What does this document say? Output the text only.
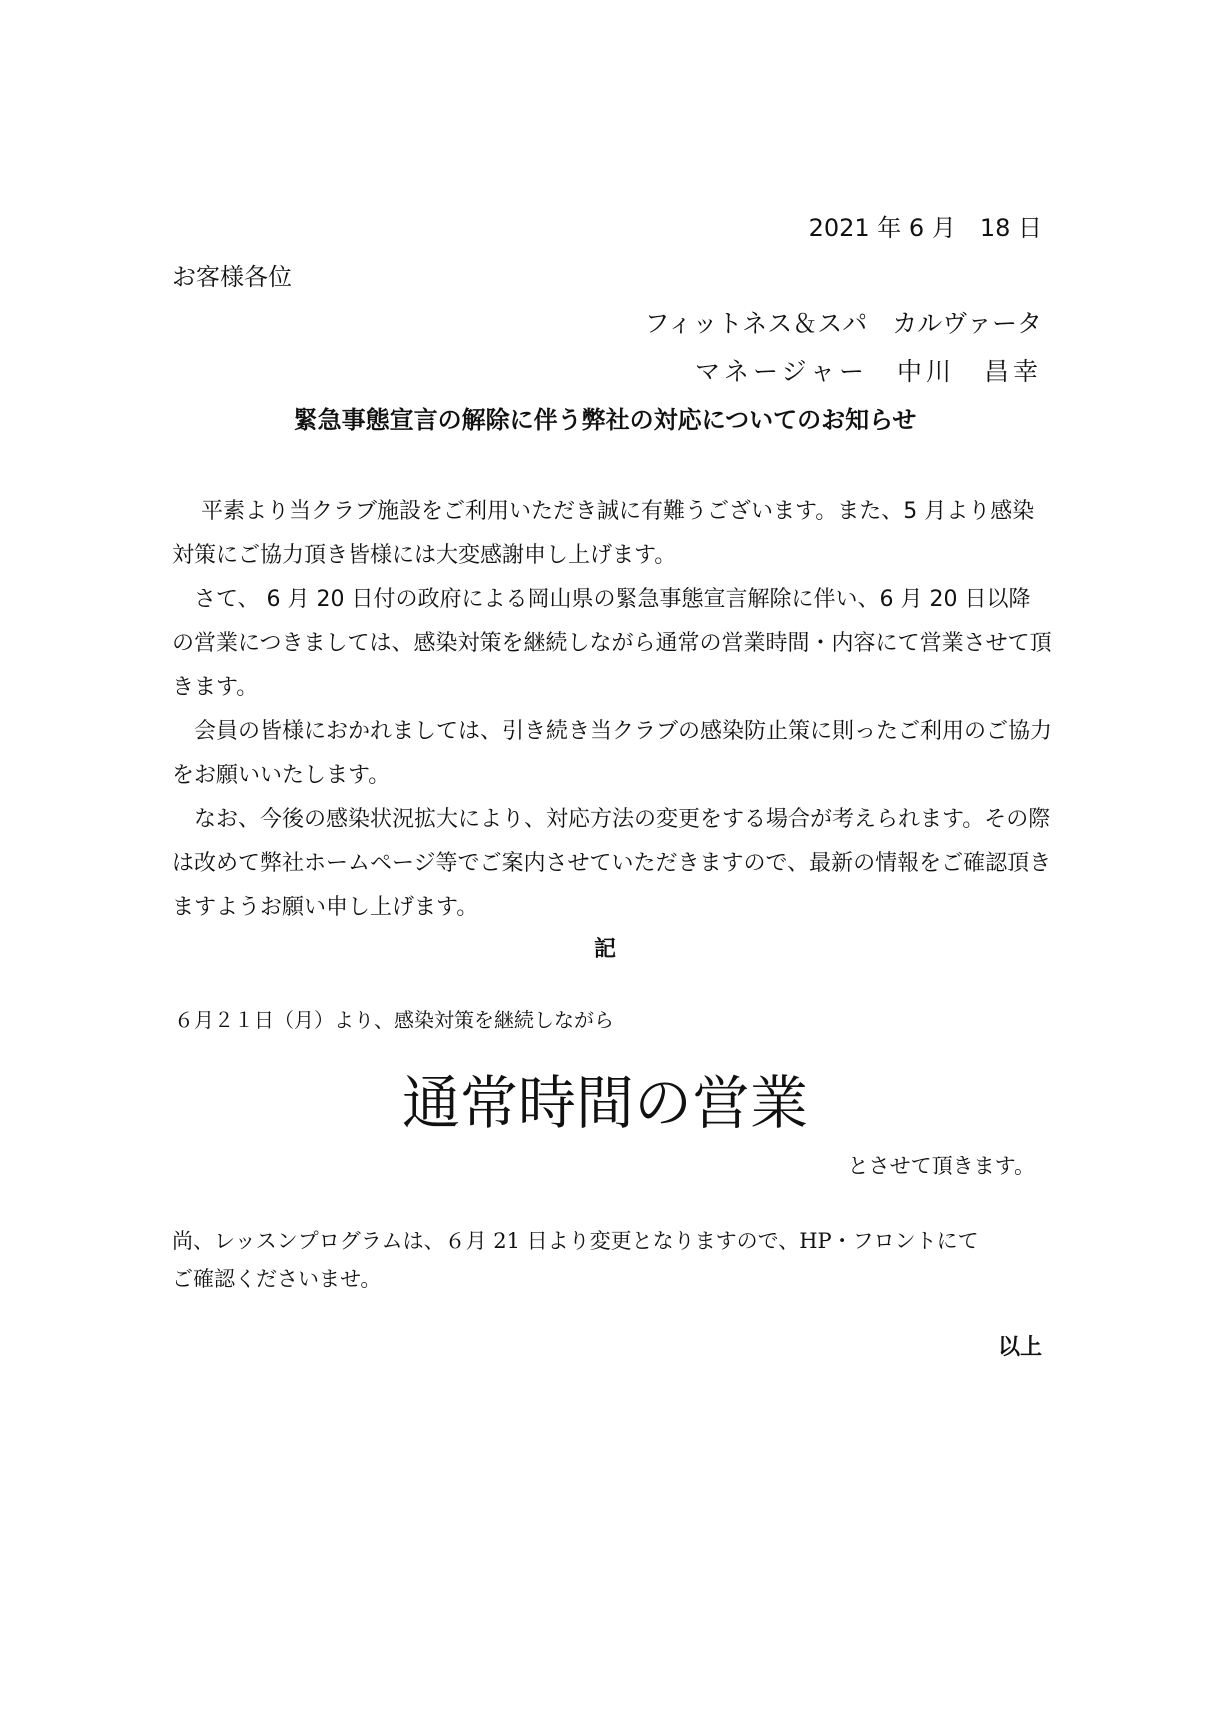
2021 年 6 月　18 日
お客様各位
フィットネス＆スパ　カルヴァータ
マネージャー　中川　昌幸
緊急事態宣言の解除に伴う弊社の対応についてのお知らせ

　 平素より当クラブ施設をご利用いただき誠に有難うございます。また、5 月より感染対策にご協力頂き皆様には大変感謝申し上げます。

　さて、 6 月 20 日付の政府による岡山県の緊急事態宣言解除に伴い、6 月 20 日以降の営業につきましては、感染対策を継続しながら通常の営業時間・内容にて営業させて頂きます。

　会員の皆様におかれましては、引き続き当クラブの感染防止策に則ったご利用のご協力をお願いいたします。

　なお、今後の感染状況拡大により、対応方法の変更をする場合が考えられます。その際は改めて弊社ホームページ等でご案内させていただきますので、最新の情報をご確認頂きますようお願い申し上げます。

記
６月２１日（月）より、感染対策を継続しながら
通常時間の営業
とさせて頂きます。

尚、レッスンプログラムは、６月 21 日より変更となりますので、HP・フロントにて

ご確認くださいませ。

以上
